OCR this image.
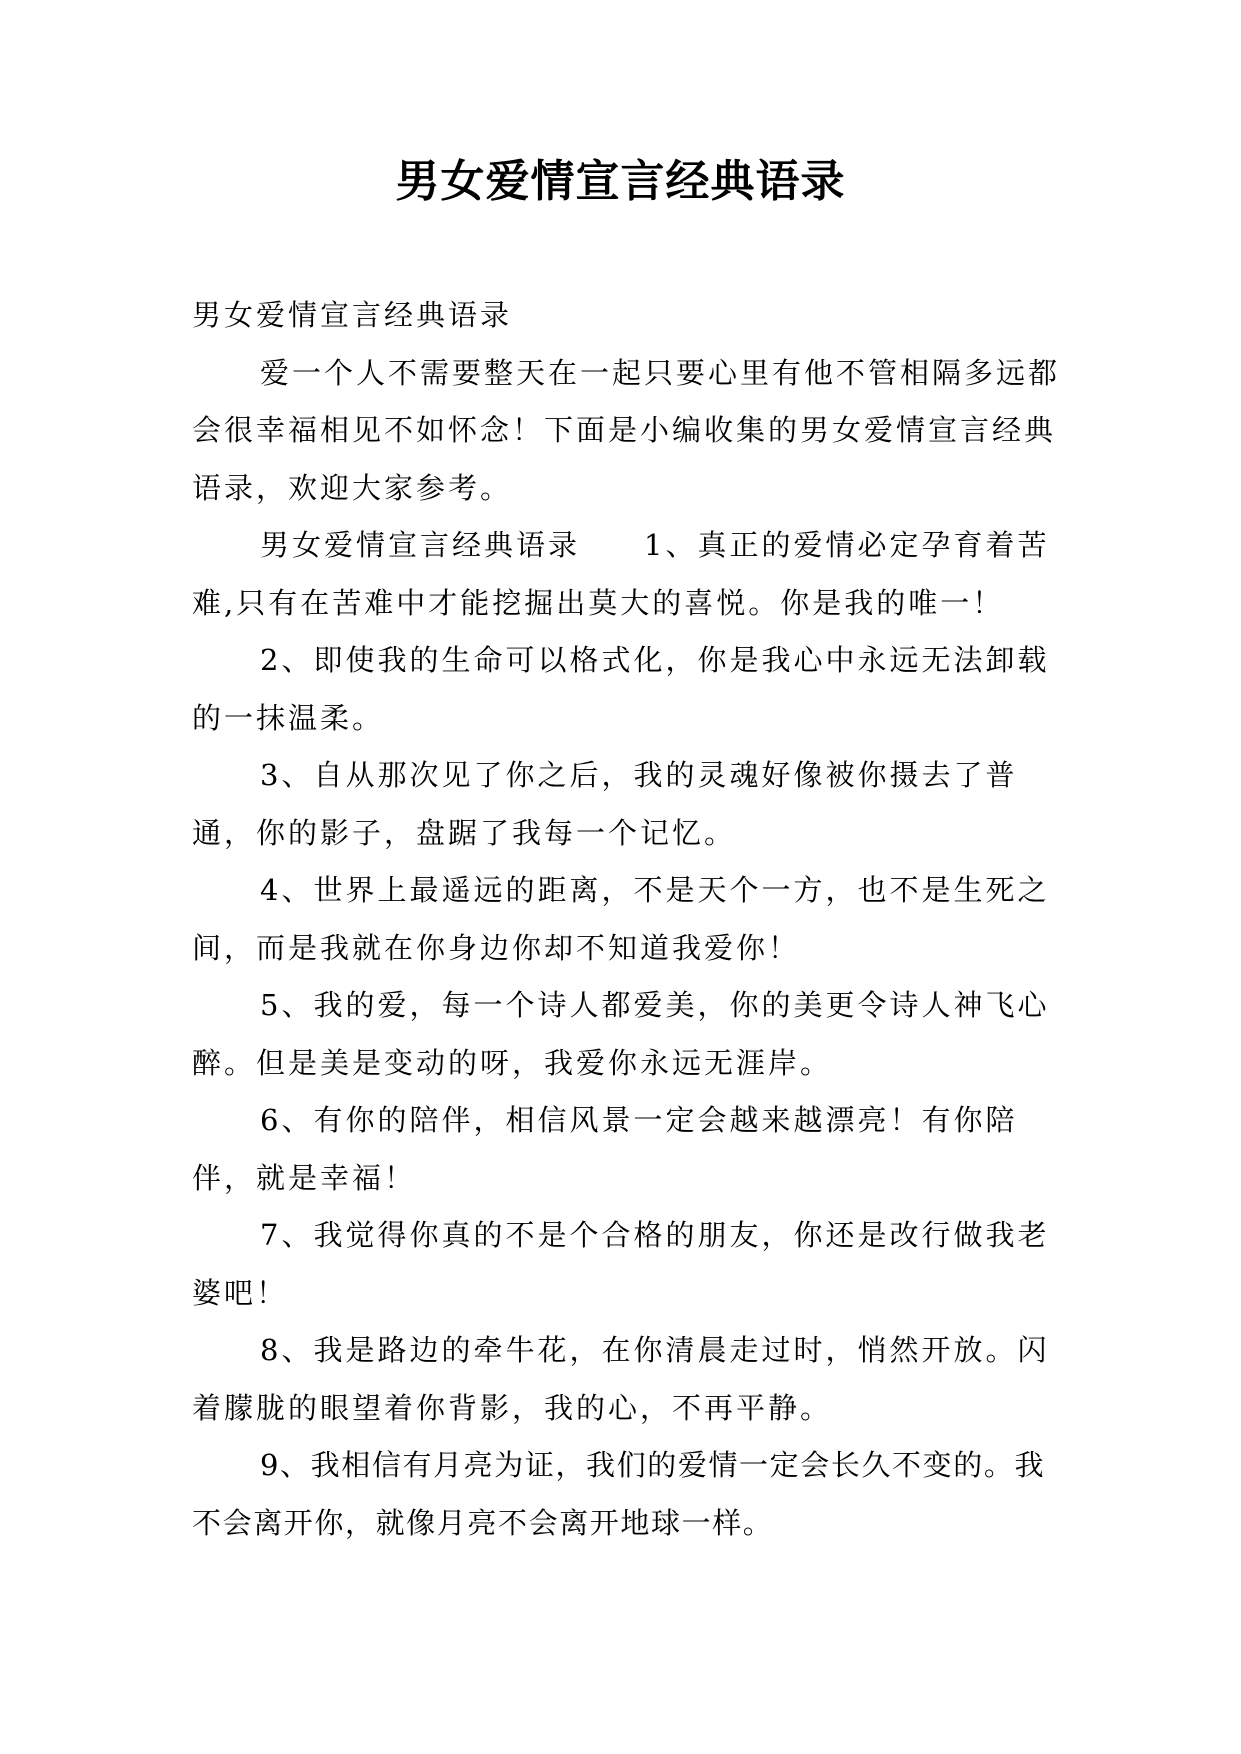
男女爱情宣言经典语录

男女爱情宣言经典语录

爱一个人不需要整天在一起只要心里有他不管相隔多远都会很幸福相见不如怀念！下面是小编收集的男女爱情宣言经典语录，欢迎大家参考。

男女爱情宣言经典语录　　1、真正的爱情必定孕育着苦难,只有在苦难中才能挖掘出莫大的喜悦。你是我的唯一！

2、即使我的生命可以格式化，你是我心中永远无法卸载的一抹温柔。

3、自从那次见了你之后，我的灵魂好像被你摄去了普通，你的影子，盘踞了我每一个记忆。

4、世界上最遥远的距离，不是天个一方，也不是生死之间，而是我就在你身边你却不知道我爱你！

5、我的爱，每一个诗人都爱美，你的美更令诗人神飞心醉。但是美是变动的呀，我爱你永远无涯岸。

6、有你的陪伴，相信风景一定会越来越漂亮！有你陪伴，就是幸福！

7、我觉得你真的不是个合格的朋友，你还是改行做我老婆吧！

8、我是路边的牵牛花，在你清晨走过时，悄然开放。闪着朦胧的眼望着你背影，我的心，不再平静。

9、我相信有月亮为证，我们的爱情一定会长久不变的。我不会离开你，就像月亮不会离开地球一样。
